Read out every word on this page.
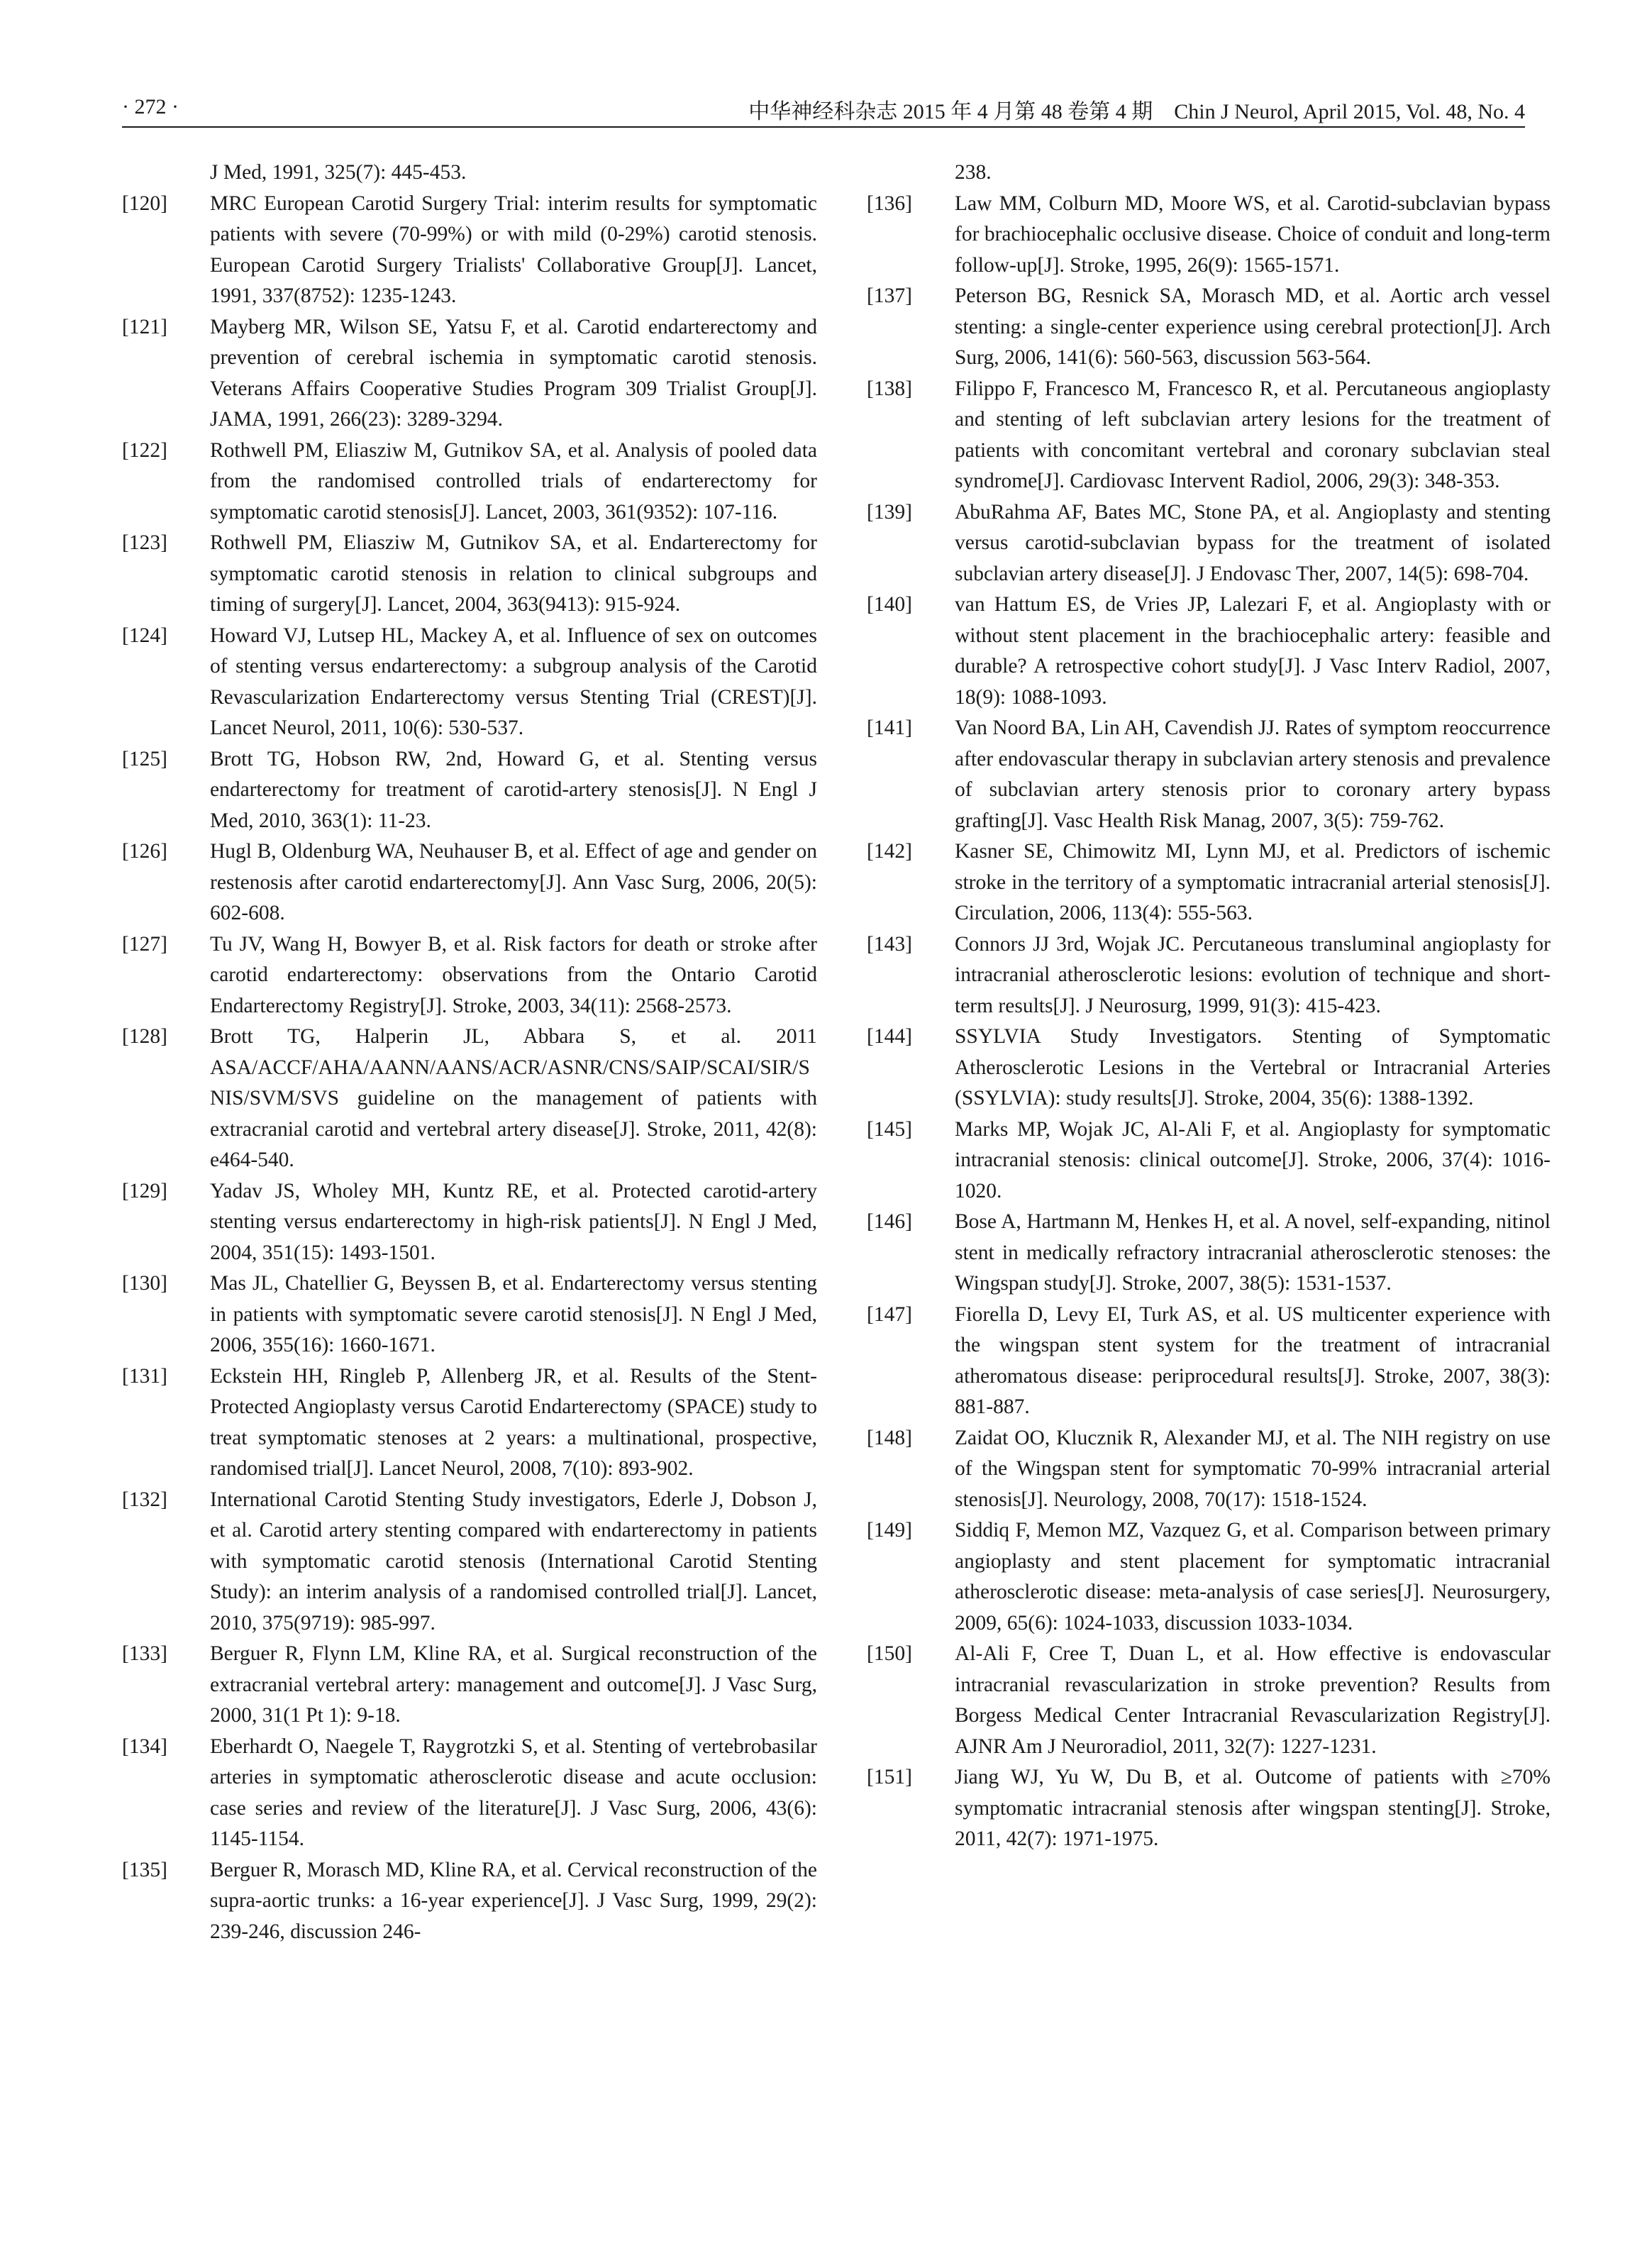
· 272 ·	中华神经科杂志 2015 年 4 月第 48 卷第 4 期　Chin J Neurol, April 2015, Vol. 48, No. 4
J Med, 1991, 325(7): 445-453.
[120]	MRC European Carotid Surgery Trial: interim results for symptomatic patients with severe (70-99%) or with mild (0-29%) carotid stenosis. European Carotid Surgery Trialists' Collaborative Group[J]. Lancet, 1991, 337(8752): 1235-1243.
[121]	Mayberg MR, Wilson SE, Yatsu F, et al. Carotid endarterectomy and prevention of cerebral ischemia in symptomatic carotid stenosis. Veterans Affairs Cooperative Studies Program 309 Trialist Group[J]. JAMA, 1991, 266(23): 3289-3294.
[122]	Rothwell PM, Eliasziw M, Gutnikov SA, et al. Analysis of pooled data from the randomised controlled trials of endarterectomy for symptomatic carotid stenosis[J]. Lancet, 2003, 361(9352): 107-116.
[123]	Rothwell PM, Eliasziw M, Gutnikov SA, et al. Endarterectomy for symptomatic carotid stenosis in relation to clinical subgroups and timing of surgery[J]. Lancet, 2004, 363(9413): 915-924.
[124]	Howard VJ, Lutsep HL, Mackey A, et al. Influence of sex on outcomes of stenting versus endarterectomy: a subgroup analysis of the Carotid Revascularization Endarterectomy versus Stenting Trial (CREST)[J]. Lancet Neurol, 2011, 10(6): 530-537.
[125]	Brott TG, Hobson RW, 2nd, Howard G, et al. Stenting versus endarterectomy for treatment of carotid-artery stenosis[J]. N Engl J Med, 2010, 363(1): 11-23.
[126]	Hugl B, Oldenburg WA, Neuhauser B, et al. Effect of age and gender on restenosis after carotid endarterectomy[J]. Ann Vasc Surg, 2006, 20(5): 602-608.
[127]	Tu JV, Wang H, Bowyer B, et al. Risk factors for death or stroke after carotid endarterectomy: observations from the Ontario Carotid Endarterectomy Registry[J]. Stroke, 2003, 34(11): 2568-2573.
[128]	Brott TG, Halperin JL, Abbara S, et al. 2011 ASA/ACCF/AHA/AANN/AANS/ACR/ASNR/CNS/SAIP/SCAI/SIR/SNIS/SVM/SVS guideline on the management of patients with extracranial carotid and vertebral artery disease[J]. Stroke, 2011, 42(8): e464-540.
[129]	Yadav JS, Wholey MH, Kuntz RE, et al. Protected carotid-artery stenting versus endarterectomy in high-risk patients[J]. N Engl J Med, 2004, 351(15): 1493-1501.
[130]	Mas JL, Chatellier G, Beyssen B, et al. Endarterectomy versus stenting in patients with symptomatic severe carotid stenosis[J]. N Engl J Med, 2006, 355(16): 1660-1671.
[131]	Eckstein HH, Ringleb P, Allenberg JR, et al. Results of the Stent-Protected Angioplasty versus Carotid Endarterectomy (SPACE) study to treat symptomatic stenoses at 2 years: a multinational, prospective, randomised trial[J]. Lancet Neurol, 2008, 7(10): 893-902.
[132]	International Carotid Stenting Study investigators, Ederle J, Dobson J, et al. Carotid artery stenting compared with endarterectomy in patients with symptomatic carotid stenosis (International Carotid Stenting Study): an interim analysis of a randomised controlled trial[J]. Lancet, 2010, 375(9719): 985-997.
[133]	Berguer R, Flynn LM, Kline RA, et al. Surgical reconstruction of the extracranial vertebral artery: management and outcome[J]. J Vasc Surg, 2000, 31(1 Pt 1): 9-18.
[134]	Eberhardt O, Naegele T, Raygrotzki S, et al. Stenting of vertebrobasilar arteries in symptomatic atherosclerotic disease and acute occlusion: case series and review of the literature[J]. J Vasc Surg, 2006, 43(6): 1145-1154.
[135]	Berguer R, Morasch MD, Kline RA, et al. Cervical reconstruction of the supra-aortic trunks: a 16-year experience[J]. J Vasc Surg, 1999, 29(2): 239-246, discussion 246-
238.
[136]	Law MM, Colburn MD, Moore WS, et al. Carotid-subclavian bypass for brachiocephalic occlusive disease. Choice of conduit and long-term follow-up[J]. Stroke, 1995, 26(9): 1565-1571.
[137]	Peterson BG, Resnick SA, Morasch MD, et al. Aortic arch vessel stenting: a single-center experience using cerebral protection[J]. Arch Surg, 2006, 141(6): 560-563, discussion 563-564.
[138]	Filippo F, Francesco M, Francesco R, et al. Percutaneous angioplasty and stenting of left subclavian artery lesions for the treatment of patients with concomitant vertebral and coronary subclavian steal syndrome[J]. Cardiovasc Intervent Radiol, 2006, 29(3): 348-353.
[139]	AbuRahma AF, Bates MC, Stone PA, et al. Angioplasty and stenting versus carotid-subclavian bypass for the treatment of isolated subclavian artery disease[J]. J Endovasc Ther, 2007, 14(5): 698-704.
[140]	van Hattum ES, de Vries JP, Lalezari F, et al. Angioplasty with or without stent placement in the brachiocephalic artery: feasible and durable? A retrospective cohort study[J]. J Vasc Interv Radiol, 2007, 18(9): 1088-1093.
[141]	Van Noord BA, Lin AH, Cavendish JJ. Rates of symptom reoccurrence after endovascular therapy in subclavian artery stenosis and prevalence of subclavian artery stenosis prior to coronary artery bypass grafting[J]. Vasc Health Risk Manag, 2007, 3(5): 759-762.
[142]	Kasner SE, Chimowitz MI, Lynn MJ, et al. Predictors of ischemic stroke in the territory of a symptomatic intracranial arterial stenosis[J]. Circulation, 2006, 113(4): 555-563.
[143]	Connors JJ 3rd, Wojak JC. Percutaneous transluminal angioplasty for intracranial atherosclerotic lesions: evolution of technique and short-term results[J]. J Neurosurg, 1999, 91(3): 415-423.
[144]	SSYLVIA Study Investigators. Stenting of Symptomatic Atherosclerotic Lesions in the Vertebral or Intracranial Arteries (SSYLVIA): study results[J]. Stroke, 2004, 35(6): 1388-1392.
[145]	Marks MP, Wojak JC, Al-Ali F, et al. Angioplasty for symptomatic intracranial stenosis: clinical outcome[J]. Stroke, 2006, 37(4): 1016-1020.
[146]	Bose A, Hartmann M, Henkes H, et al. A novel, self-expanding, nitinol stent in medically refractory intracranial atherosclerotic stenoses: the Wingspan study[J]. Stroke, 2007, 38(5): 1531-1537.
[147]	Fiorella D, Levy EI, Turk AS, et al. US multicenter experience with the wingspan stent system for the treatment of intracranial atheromatous disease: periprocedural results[J]. Stroke, 2007, 38(3): 881-887.
[148]	Zaidat OO, Klucznik R, Alexander MJ, et al. The NIH registry on use of the Wingspan stent for symptomatic 70-99% intracranial arterial stenosis[J]. Neurology, 2008, 70(17): 1518-1524.
[149]	Siddiq F, Memon MZ, Vazquez G, et al. Comparison between primary angioplasty and stent placement for symptomatic intracranial atherosclerotic disease: meta-analysis of case series[J]. Neurosurgery, 2009, 65(6): 1024-1033, discussion 1033-1034.
[150]	Al-Ali F, Cree T, Duan L, et al. How effective is endovascular intracranial revascularization in stroke prevention? Results from Borgess Medical Center Intracranial Revascularization Registry[J]. AJNR Am J Neuroradiol, 2011, 32(7): 1227-1231.
[151]	Jiang WJ, Yu W, Du B, et al. Outcome of patients with ≥70% symptomatic intracranial stenosis after wingspan stenting[J]. Stroke, 2011, 42(7): 1971-1975.
